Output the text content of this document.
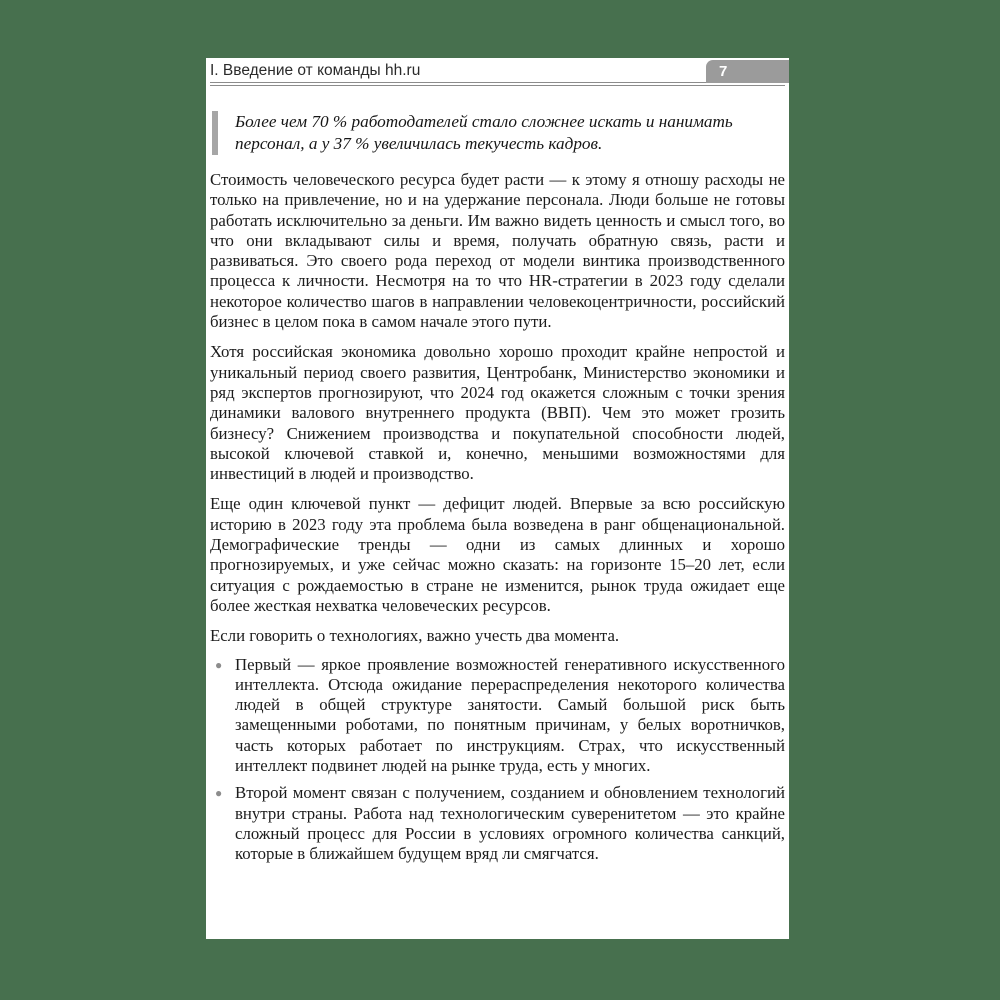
I. Введение от команды hh.ru	7
Более чем 70 % работодателей стало сложнее искать и нанимать персонал, а у 37 % увеличилась текучесть кадров.

Стоимость человеческого ресурса будет расти — к этому я отношу расходы не только на привлечение, но и на удержание персонала. Люди больше не готовы работать исключительно за деньги. Им важно видеть ценность и смысл того, во что они вкладывают силы и время, получать обратную связь, расти и развиваться. Это своего рода переход от модели винтика производственного процесса к личности. Несмотря на то что HR-стратегии в 2023 году сделали некоторое количество шагов в направлении человекоцентричности, российский бизнес в целом пока в самом начале этого пути.

Хотя российская экономика довольно хорошо проходит крайне непростой и уникальный период своего развития, Центробанк, Министерство экономики и ряд экспертов прогнозируют, что 2024 год окажется сложным с точки зрения динамики валового внутреннего продукта (ВВП). Чем это может грозить бизнесу? Снижением производства и покупательной способности людей, высокой ключевой ставкой и, конечно, меньшими возможностями для инвестиций в людей и производство.

Еще один ключевой пункт — дефицит людей. Впервые за всю российскую историю в 2023 году эта проблема была возведена в ранг общенациональной. Демографические тренды — одни из самых длинных и хорошо прогнозируемых, и уже сейчас можно сказать: на горизонте 15–20 лет, если ситуация с рождаемостью в стране не изменится, рынок труда ожидает еще более жесткая нехватка человеческих ресурсов.

Если говорить о технологиях, важно учесть два момента.

● Первый — яркое проявление возможностей генеративного искусственного интеллекта. Отсюда ожидание перераспределения некоторого количества людей в общей структуре занятости. Самый большой риск быть замещенными роботами, по понятным причинам, у белых воротничков, часть которых работает по инструкциям. Страх, что искусственный интеллект подвинет людей на рынке труда, есть у многих.
● Второй момент связан с получением, созданием и обновлением технологий внутри страны. Работа над технологическим суверенитетом — это крайне сложный процесс для России в условиях огромного количества санкций, которые в ближайшем будущем вряд ли смягчатся.
